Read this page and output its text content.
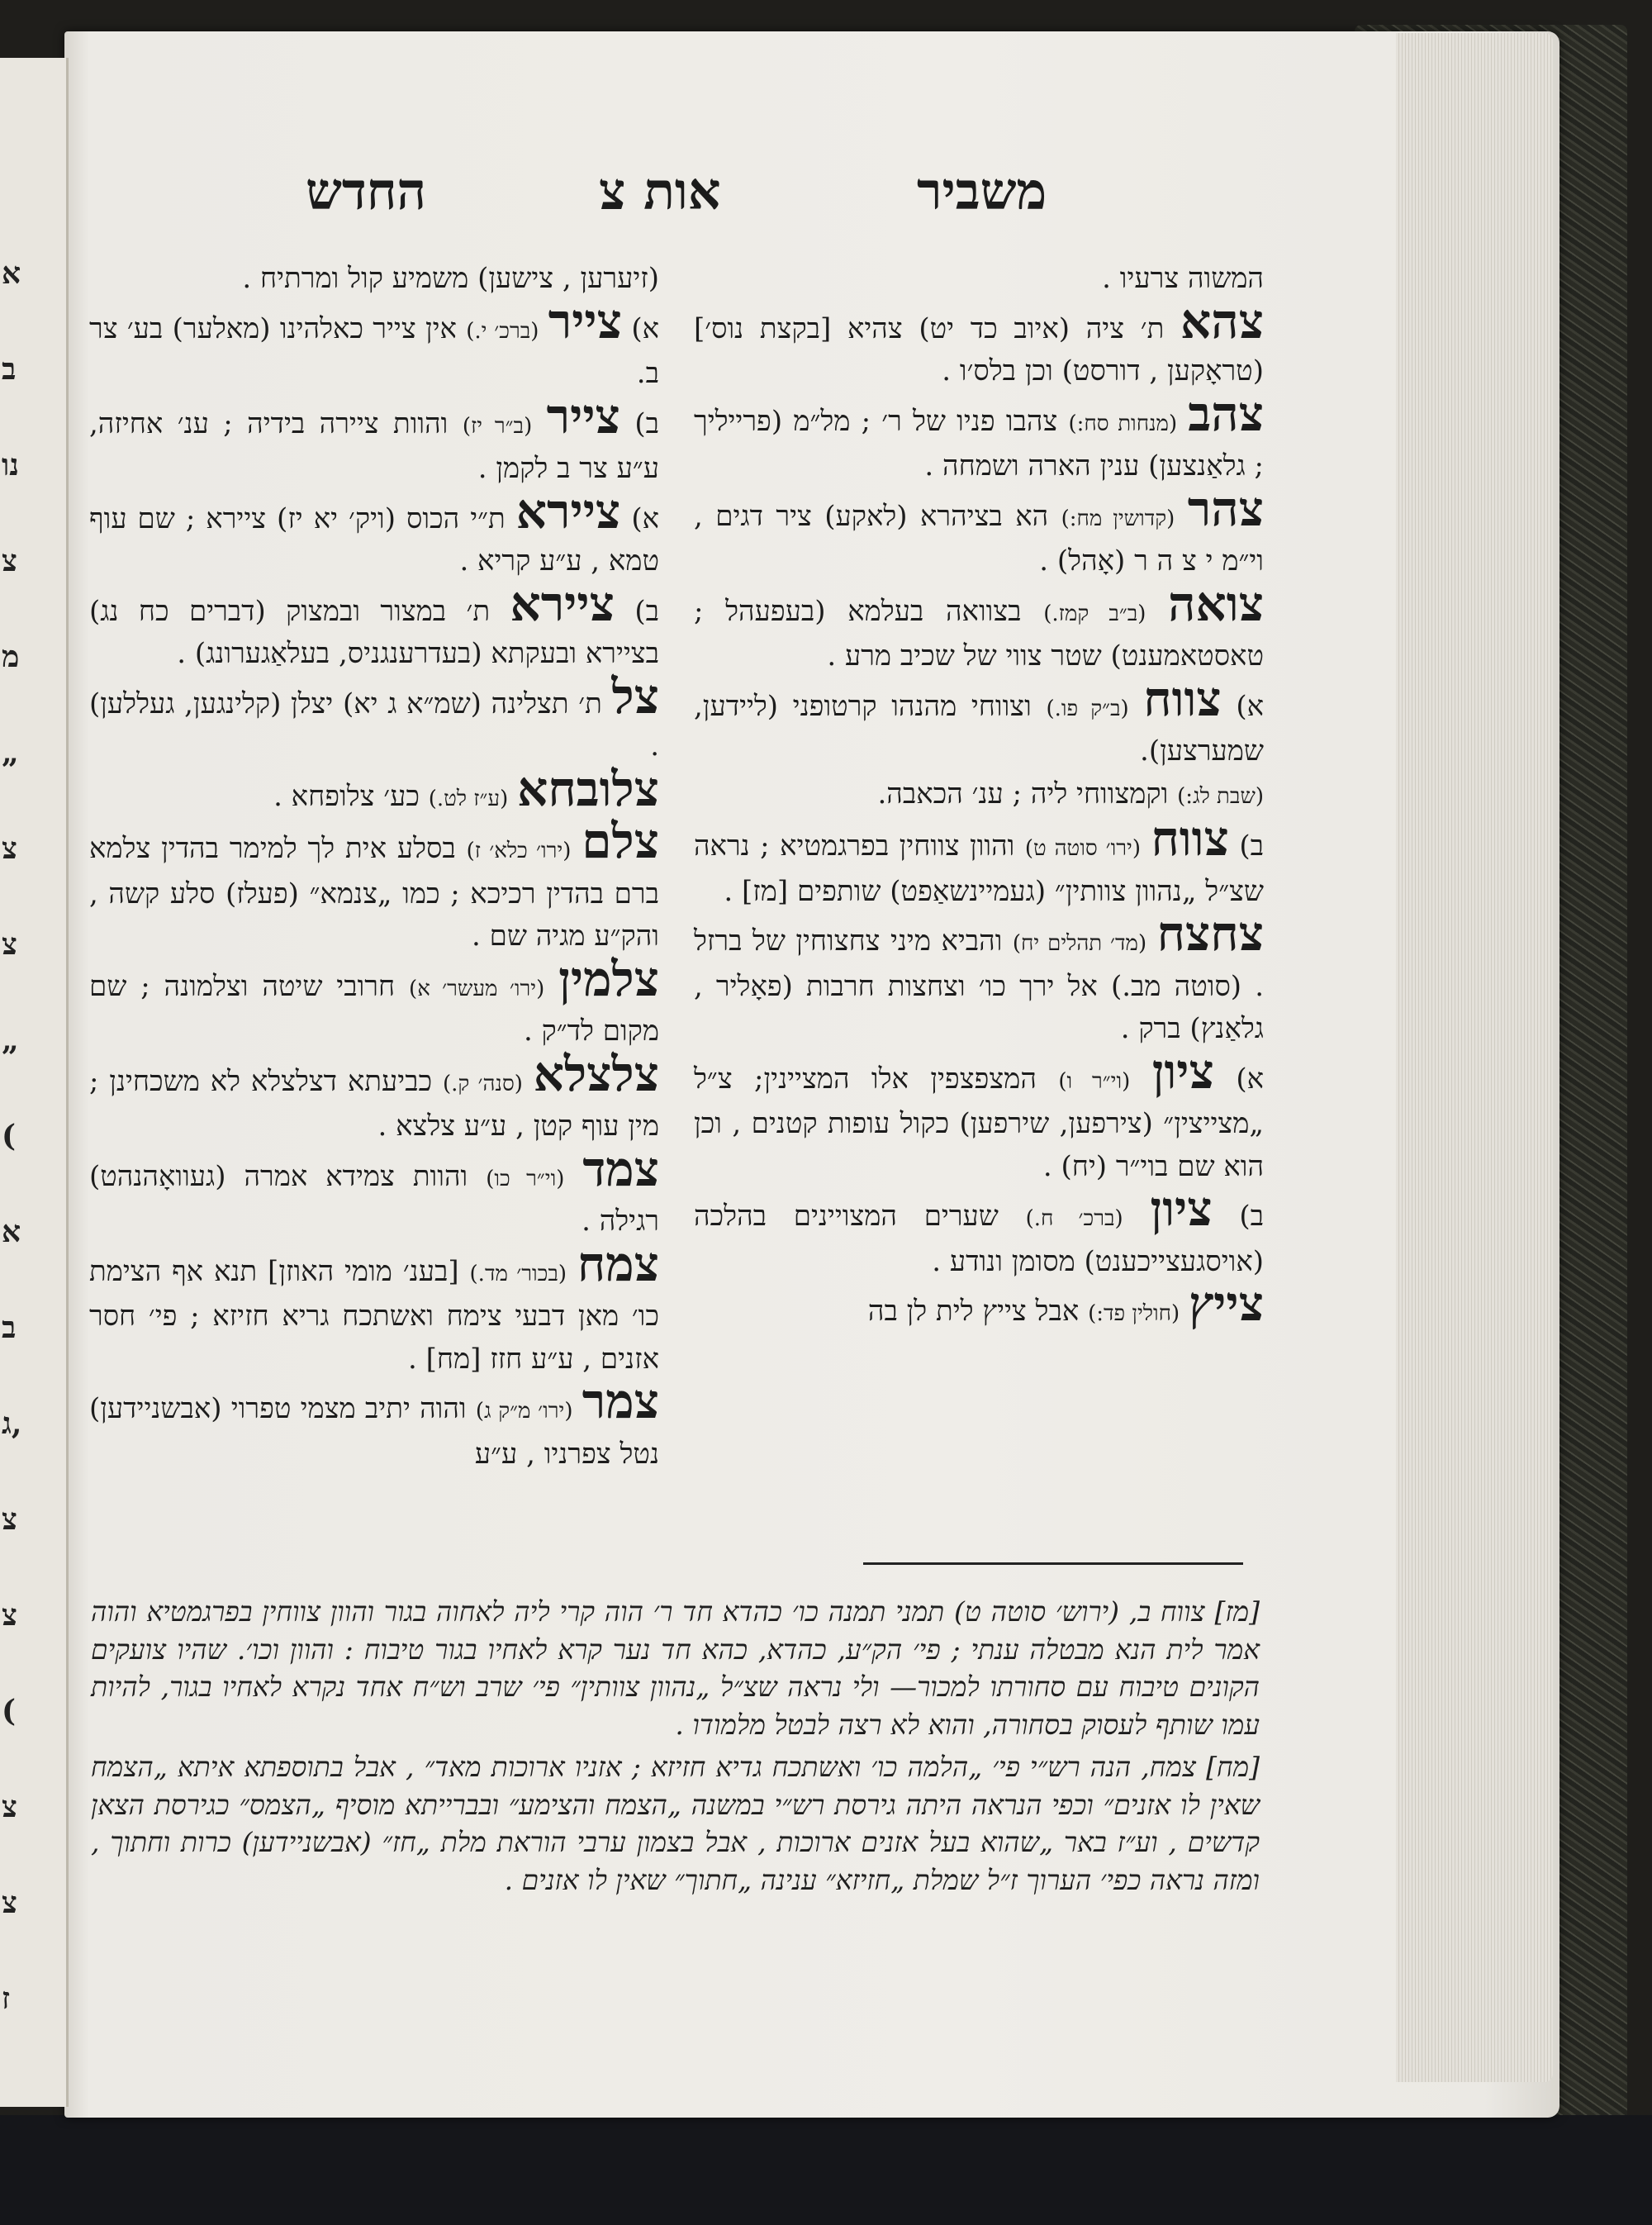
א
ב
נו
צ
מ
„
צ
צ
„
(
א
ב
ג,
צ
צ
(
צ
צ
ז
משביר
אות צ
החדש

המשוה צרעיו .

צהא ת׳ ציה (איוב כד יט) צהיא [בקצת נוס׳] (טראָקען , דורסט) וכן בלס׳ו .

צהב (מנחות סח:) צהבו פניו של ר׳ ; מל״מ (פרייליך ; גלאַנצען) ענין הארה ושמחה .

צהר (קדושין מח:) הא בציהרא (לאקע) ציר דגים , וי״מ י צ ה ר (אָהל) .

צואה (ב״ב קמז.) בצוואה בעלמא (בעפעהל ; טאסטאמענט) שטר צווי של שכיב מרע .

א) צווח (ב״ק פו.) וצווחי מהנהו קרטופני (ליידען, שמערצען).

(שבת לג:) וקמצווחי ליה ; ענ׳ הכאבה.

ב) צווח (ירו׳ סוטה ט) והוון צווחין בפרגמטיא ; נראה שצ״ל „נהוון צוותין״ (געמיינשאַפט) שותפים [מז] .

צחצח (מד׳ תהלים יח) והביא מיני צחצוחין של ברזל . (סוטה מב.) אל ירך כו׳ וצחצות חרבות (פאָליר , גלאַנץ) ברק .

א) ציון (וי״ר ו) המצפצפין אלו המציינין; צ״ל „מצייצין״ (צירפען, שירפען) כקול עופות קטנים , וכן הוא שם בוי״ר (יח) .

ב) ציון (ברכ׳ ח.) שערים המצויינים בהלכה (אויסגעצייכענט) מסומן ונודע .

צייץ (חולין פד:) אבל צייץ לית לן בה

(זיערען , צישען) משמיע קול ומרתיח .

א) צייר (ברכ׳ י.) אין צייר כאלהינו (מאלער) בע׳ צר ב.

ב) צייר (ב״ר יז) והוות ציירה בידיה ; ענ׳ אחיזה, ע״ע צר ב לקמן .

א) ציירא ת״י הכוס (ויק׳ יא יז) ציירא ; שם עוף טמא , ע״ע קריא .

ב) ציירא ת׳ במצור ובמצוק (דברים כח נג) בציירא ובעקתא (בעדרענגניס, בעלאַגערונג) .

צל ת׳ תצלינה (שמ״א ג יא) יצלן (קלינגען, געללען) .

צלובחא (ע״ז לט.) כע׳ צלופחא .

צלם (ירו׳ כלא׳ ז) בסלע אית לך למימר בהדין צלמא ברם בהדין רכיכא ; כמו „צנמא״ (פעלז) סלע קשה , והק״ע מגיה שם .

צלמין (ירו׳ מעשר׳ א) חרובי שיטה וצלמונה ; שם מקום לד״ק .

צלצלא (סנה׳ ק.) כביעתא דצלצלא לא משכחינן ; מין עוף קטן , ע״ע צלצא .

צמד (וי״ר כו) והוות צמידא אמרה (געוואָהנהט) רגילה .

צמח (בכור׳ מד.) [בענ׳ מומי האוזן] תנא אף הצימת כו׳ מאן דבעי צימח ואשתכח גריא חזיזא ; פי׳ חסר אזנים , ע״ע חזז [מח] .

צמר (ירו׳ מ״ק ג) והוה יתיב מצמי טפרוי (אבשניידען) נטל צפרניו , ע״ע

[מז] צווח ב, (ירוש׳ סוטה ט) תמני תמנה כו׳ כהדא חד ר׳ הוה קרי ליה לאחוה בגור והוון צווחין בפרגמטיא והוה אמר לית הנא מבטלה ענתי ; פי׳ הק״ע, כהדא, כהא חד נער קרא לאחיו בגור טיבוח : והוון וכו׳. שהיו צועקים הקונים טיבוח עם סחורתו למכור— ולי נראה שצ״ל „נהוון צוותין״ פי׳ שרב וש״ח אחד נקרא לאחיו בגור, להיות עמו שותף לעסוק בסחורה, והוא לא רצה לבטל מלמודו .

[מח] צמח, הנה רש״י פי׳ „הלמה כו׳ ואשתכח גדיא חזיזא ; אזניו ארוכות מאד״ , אבל בתוספתא איתא „הצמח שאין לו אזנים״ וכפי הנראה היתה גירסת רש״י במשנה „הצמח והצימע״ ובברייתא מוסיף „הצמס״ כגירסת הצאן קדשים , וע״ז באר „שהוא בעל אזנים ארוכות , אבל בצמון ערבי הוראת מלת „חז״ (אבשניידען) כרות וחתוך , ומזה נראה כפי׳ הערוך ז״ל שמלת „חזיזא״ ענינה „חתוך״ שאין לו אזנים .
